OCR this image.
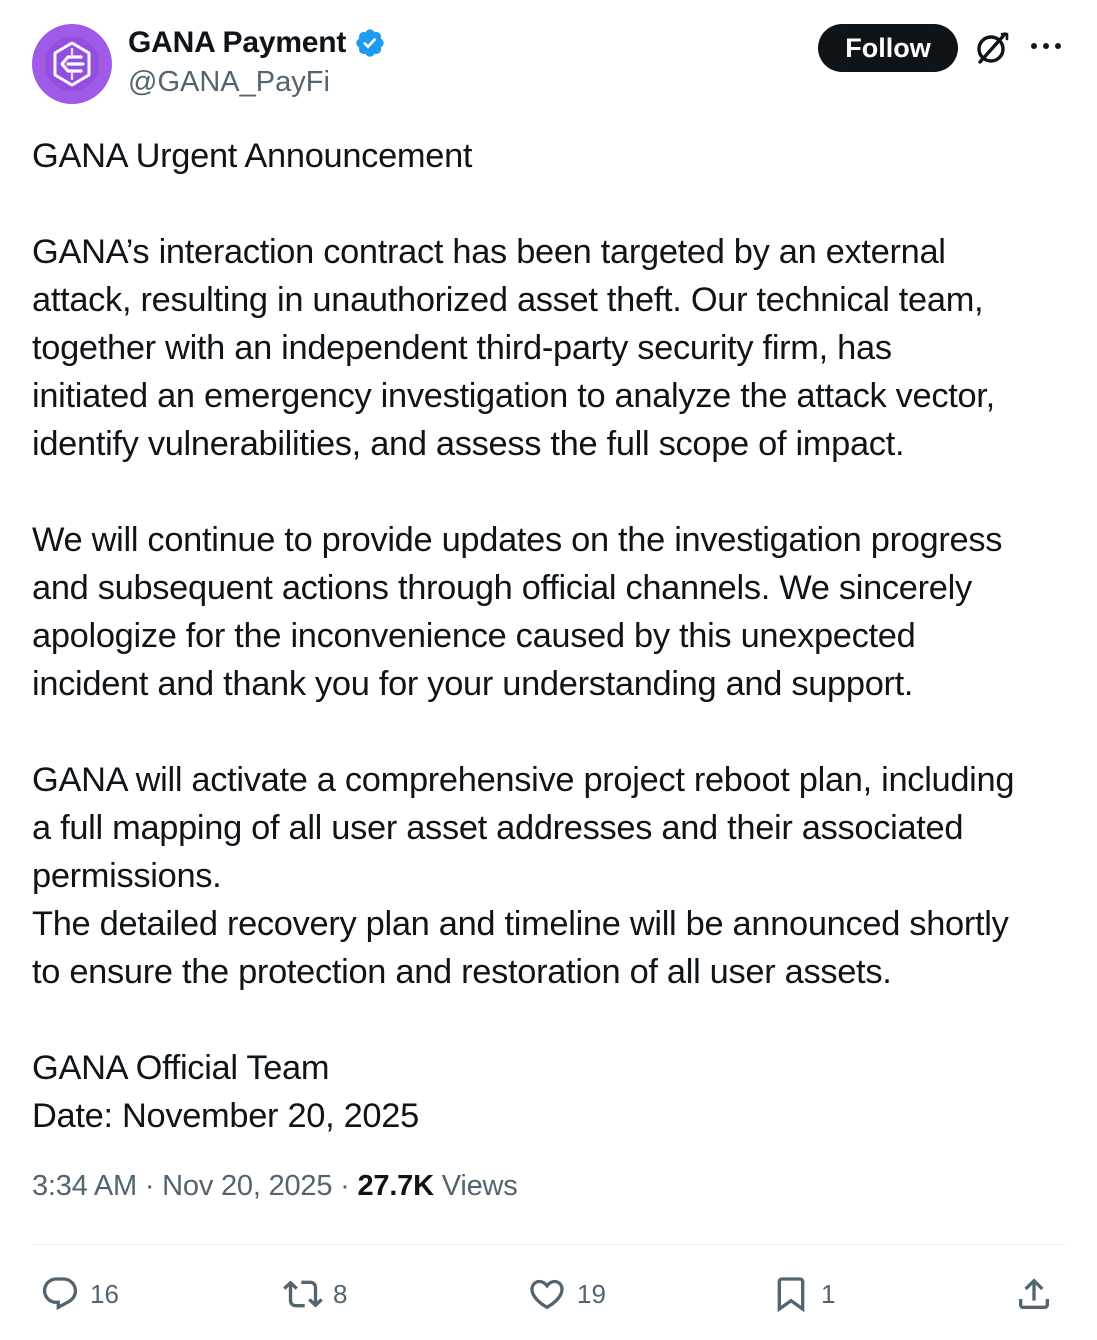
GANA Payment
@GANA_PayFi
Follow
GANA Urgent Announcement
GANA’s interaction contract has been targeted by an external
attack, resulting in unauthorized asset theft. Our technical team,
together with an independent third-party security firm, has
initiated an emergency investigation to analyze the attack vector,
identify vulnerabilities, and assess the full scope of impact.
We will continue to provide updates on the investigation progress
and subsequent actions through official channels. We sincerely
apologize for the inconvenience caused by this unexpected
incident and thank you for your understanding and support.
GANA will activate a comprehensive project reboot plan, including
a full mapping of all user asset addresses and their associated
permissions.
The detailed recovery plan and timeline will be announced shortly
to ensure the protection and restoration of all user assets.
GANA Official Team
Date: November 20, 2025
3:34 AM · Nov 20, 2025 · 27.7K Views
16	8	19	1
